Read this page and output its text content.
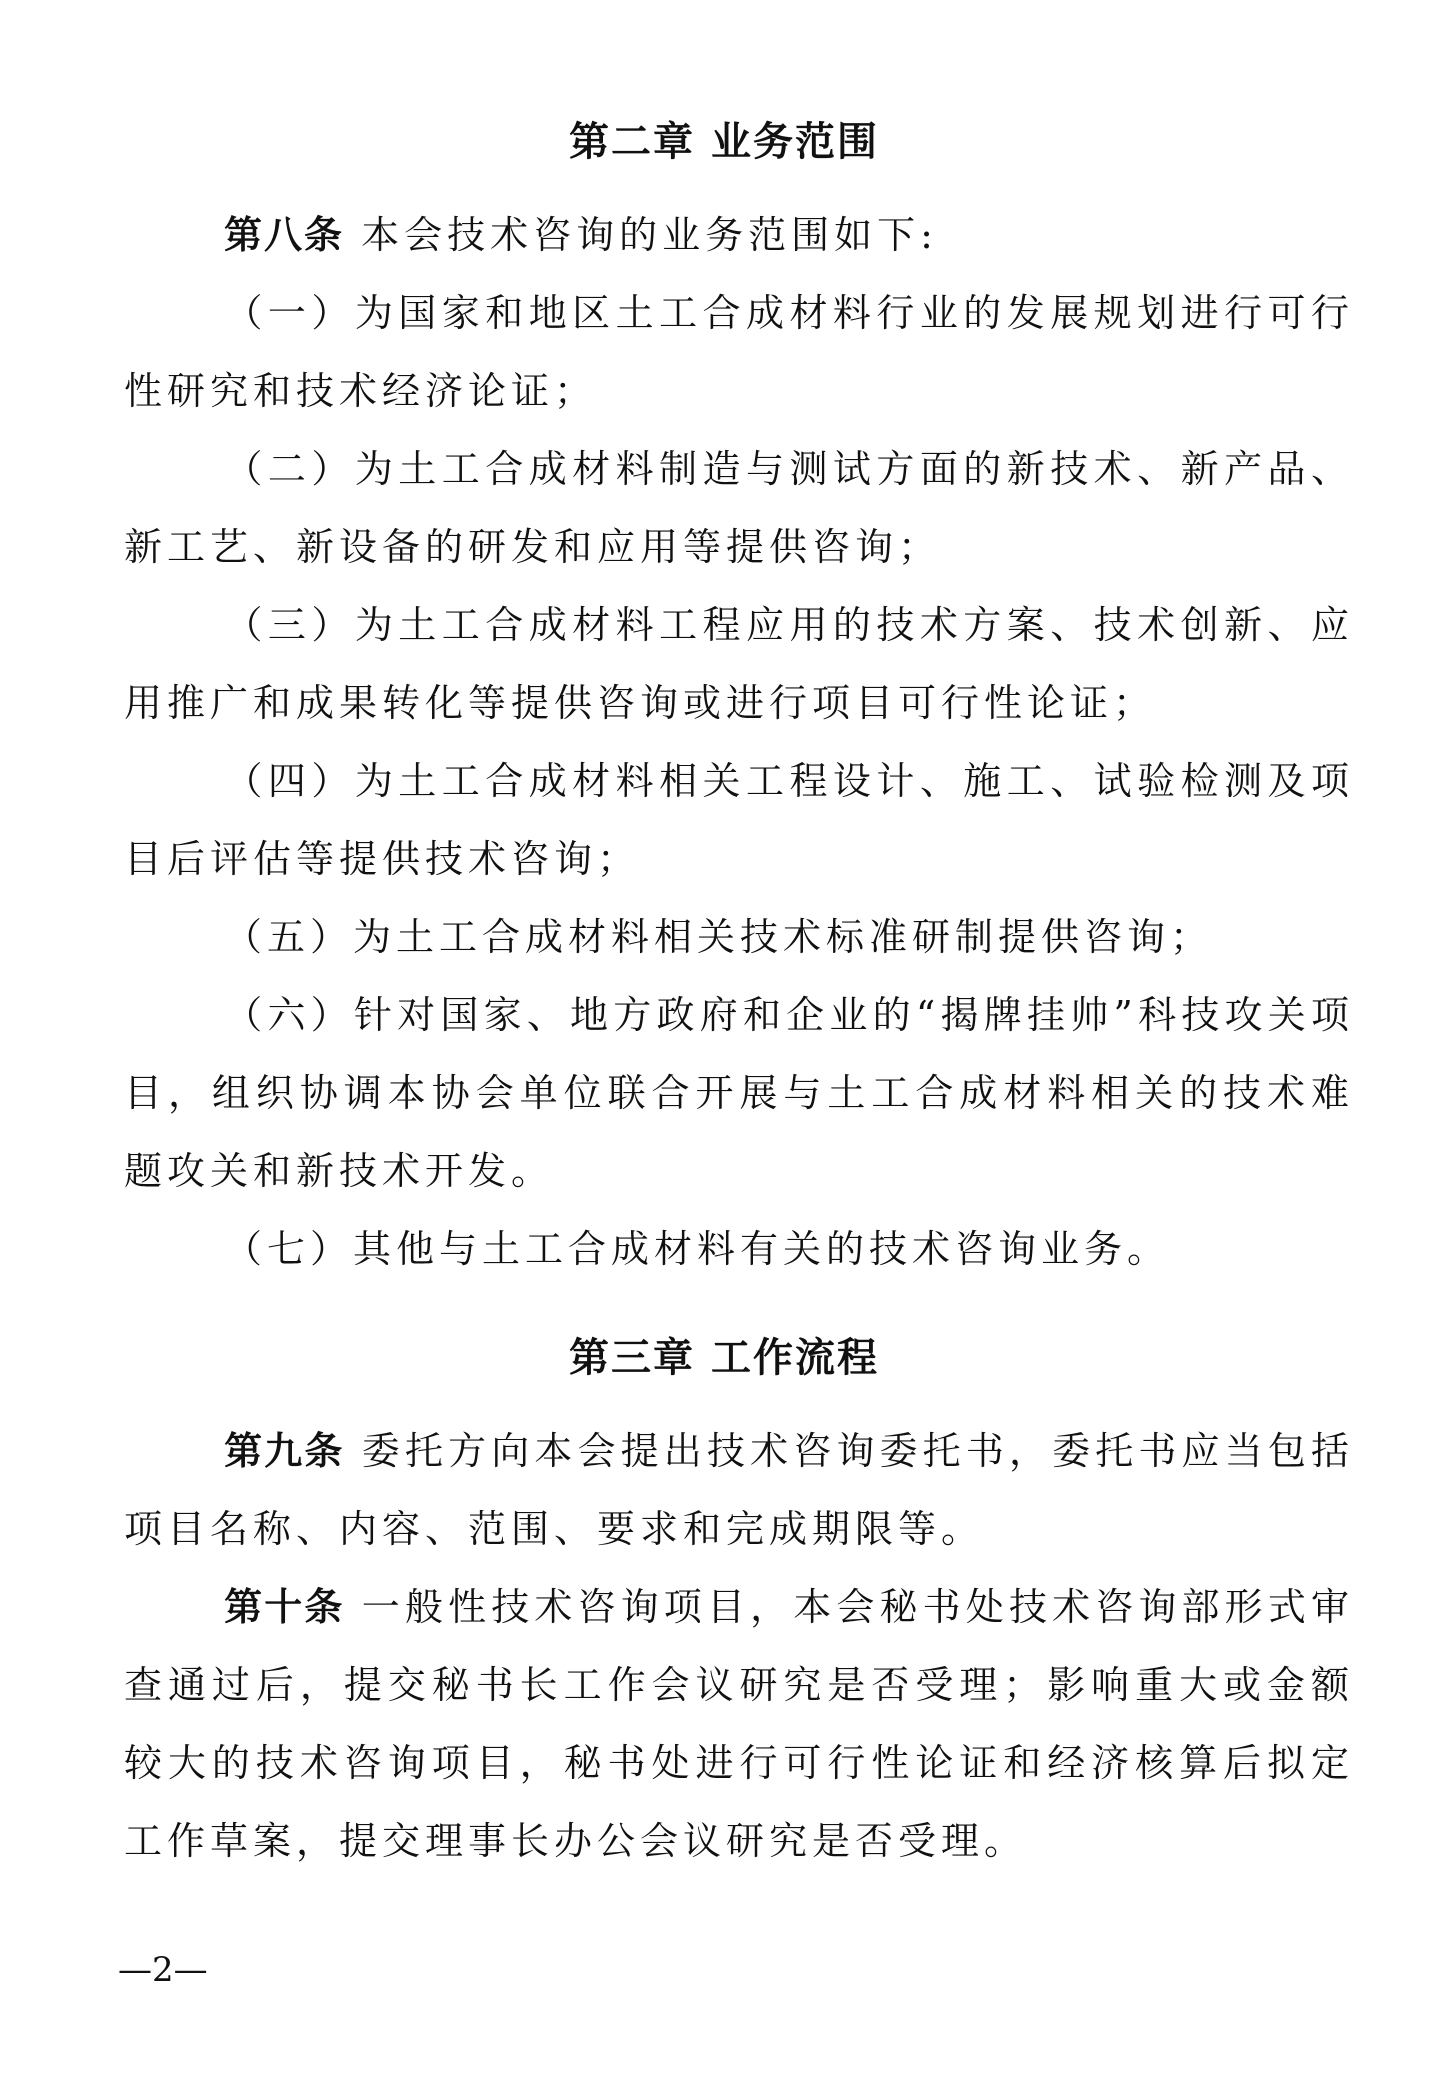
第二章 业务范围
第八条 本会技术咨询的业务范围如下:
（一）为国家和地区土工合成材料行业的发展规划进行可行性研究和技术经济论证；
（二）为土工合成材料制造与测试方面的新技术、新产品、新工艺、新设备的研发和应用等提供咨询；
（三）为土工合成材料工程应用的技术方案、技术创新、应用推广和成果转化等提供咨询或进行项目可行性论证；
（四）为土工合成材料相关工程设计、施工、试验检测及项目后评估等提供技术咨询；
（五）为土工合成材料相关技术标准研制提供咨询；
（六）针对国家、地方政府和企业的“揭牌挂帅”科技攻关项目，组织协调本协会单位联合开展与土工合成材料相关的技术难题攻关和新技术开发。
（七）其他与土工合成材料有关的技术咨询业务。
第三章 工作流程
第九条 委托方向本会提出技术咨询委托书，委托书应当包括项目名称、内容、范围、要求和完成期限等。
第十条 一般性技术咨询项目，本会秘书处技术咨询部形式审查通过后，提交秘书长工作会议研究是否受理；影响重大或金额较大的技术咨询项目，秘书处进行可行性论证和经济核算后拟定工作草案，提交理事长办公会议研究是否受理。
—2—
